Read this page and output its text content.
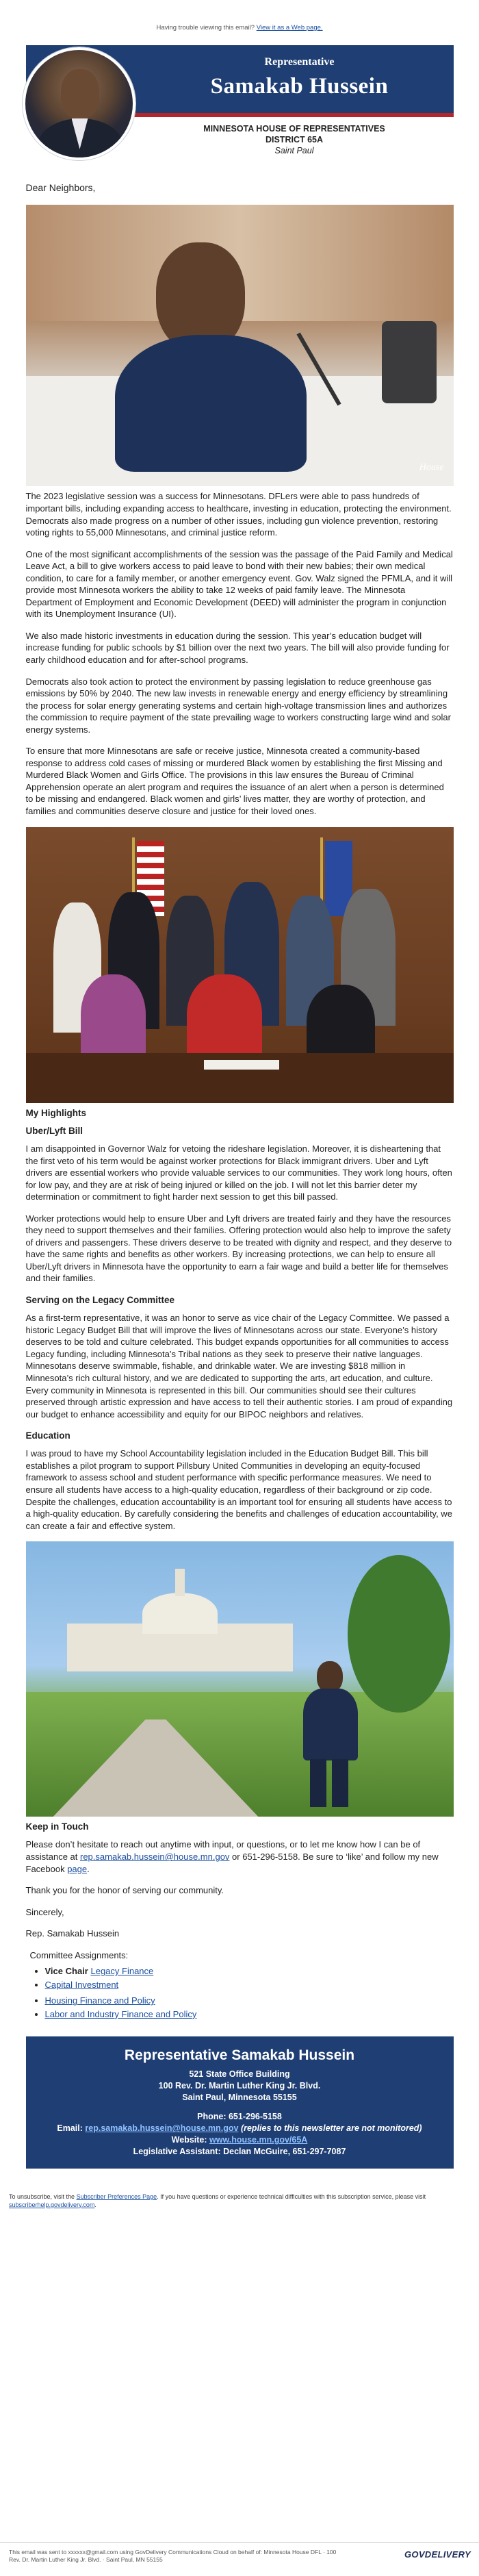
Having trouble viewing this email? View it as a Web page.
Representative
Samakab Hussein
MINNESOTA HOUSE OF REPRESENTATIVES
DISTRICT 65A
Saint Paul
Dear Neighbors,
House

The 2023 legislative session was a success for Minnesotans. DFLers were able to pass hundreds of important bills, including expanding access to healthcare, investing in education, protecting the environment. Democrats also made progress on a number of other issues, including gun violence prevention, restoring voting rights to 55,000 Minnesotans, and criminal justice reform.

One of the most significant accomplishments of the session was the passage of the Paid Family and Medical Leave Act, a bill to give workers access to paid leave to bond with their new babies; their own medical condition, to care for a family member, or another emergency event. Gov. Walz signed the PFMLA, and it will provide most Minnesota workers the ability to take 12 weeks of paid family leave. The Minnesota Department of Employment and Economic Development (DEED) will administer the program in conjunction with its Unemployment Insurance (UI).

We also made historic investments in education during the session. This year’s education budget will increase funding for public schools by $1 billion over the next two years. The bill will also provide funding for early childhood education and for after-school programs.

Democrats also took action to protect the environment by passing legislation to reduce greenhouse gas emissions by 50% by 2040. The new law invests in renewable energy and energy efficiency by streamlining the process for solar energy generating systems and certain high-voltage transmission lines and authorizes the commission to require payment of the state prevailing wage to workers constructing large wind and solar energy systems.

To ensure that more Minnesotans are safe or receive justice, Minnesota created a community-based response to address cold cases of missing or murdered Black women by establishing the first Missing and Murdered Black Women and Girls Office. The provisions in this law ensures the Bureau of Criminal Apprehension operate an alert program and requires the issuance of an alert when a person is determined to be missing and endangered. Black women and girls’ lives matter, they are worthy of protection, and families and communities deserve closure and justice for their loved ones.

My Highlights
Uber/Lyft Bill

I am disappointed in Governor Walz for vetoing the rideshare legislation. Moreover, it is disheartening that the first veto of his term would be against worker protections for Black immigrant drivers. Uber and Lyft drivers are essential workers who provide valuable services to our communities. They work long hours, often for low pay, and they are at risk of being injured or killed on the job. I will not let this barrier deter my determination or commitment to fight harder next session to get this bill passed.

Worker protections would help to ensure Uber and Lyft drivers are treated fairly and they have the resources they need to support themselves and their families. Offering protection would also help to improve the safety of drivers and passengers. These drivers deserve to be treated with dignity and respect, and they deserve to have the same rights and benefits as other workers. By increasing protections, we can help to ensure all Uber/Lyft drivers in Minnesota have the opportunity to earn a fair wage and build a better life for themselves and their families.

Serving on the Legacy Committee

As a first-term representative, it was an honor to serve as vice chair of the Legacy Committee. We passed a historic Legacy Budget Bill that will improve the lives of Minnesotans across our state. Everyone’s history deserves to be told and culture celebrated. This budget expands opportunities for all communities to access Legacy funding, including Minnesota’s Tribal nations as they seek to preserve their native languages. Minnesotans deserve swimmable, fishable, and drinkable water. We are investing $818 million in Minnesota’s rich cultural history, and we are dedicated to supporting the arts, art education, and culture. Every community in Minnesota is represented in this bill. Our communities should see their cultures preserved through artistic expression and have access to tell their authentic stories. I am proud of expanding our budget to enhance accessibility and equity for our BIPOC neighbors and relatives.

Education

I was proud to have my School Accountability legislation included in the Education Budget Bill. This bill establishes a pilot program to support Pillsbury United Communities in developing an equity-focused framework to assess school and student performance with specific performance measures. We need to ensure all students have access to a high-quality education, regardless of their background or zip code. Despite the challenges, education accountability is an important tool for ensuring all students have access to a high-quality education. By carefully considering the benefits and challenges of education accountability, we can create a fair and effective system.

Keep in Touch

Please don’t hesitate to reach out anytime with input, or questions, or to let me know how I can be of assistance at rep.samakab.hussein@house.mn.gov or 651-296-5158. Be sure to ‘like’ and follow my new Facebook page.

Thank you for the honor of serving our community.

Sincerely,

Rep. Samakab Hussein

Committee Assignments:
• Vice Chair Legacy Finance
• Capital Investment
• Housing Finance and Policy
• Labor and Industry Finance and Policy
Representative Samakab Hussein
521 State Office Building
100 Rev. Dr. Martin Luther King Jr. Blvd.
Saint Paul, Minnesota 55155
Phone: 651-296-5158
Email: rep.samakab.hussein@house.mn.gov (replies to this newsletter are not monitored)
Website: www.house.mn.gov/65A
Legislative Assistant: Declan McGuire, 651-297-7087
To unsubscribe, visit the Subscriber Preferences Page. If you have questions or experience technical difficulties with this subscription service, please visit subscriberhelp.govdelivery.com.
This email was sent to xxxxxx@gmail.com using GovDelivery Communications Cloud on behalf of: Minnesota House DFL · 100
Rev. Dr. Martin Luther King Jr. Blvd. · Saint Paul, MN 55155
GOVDELIVERY
